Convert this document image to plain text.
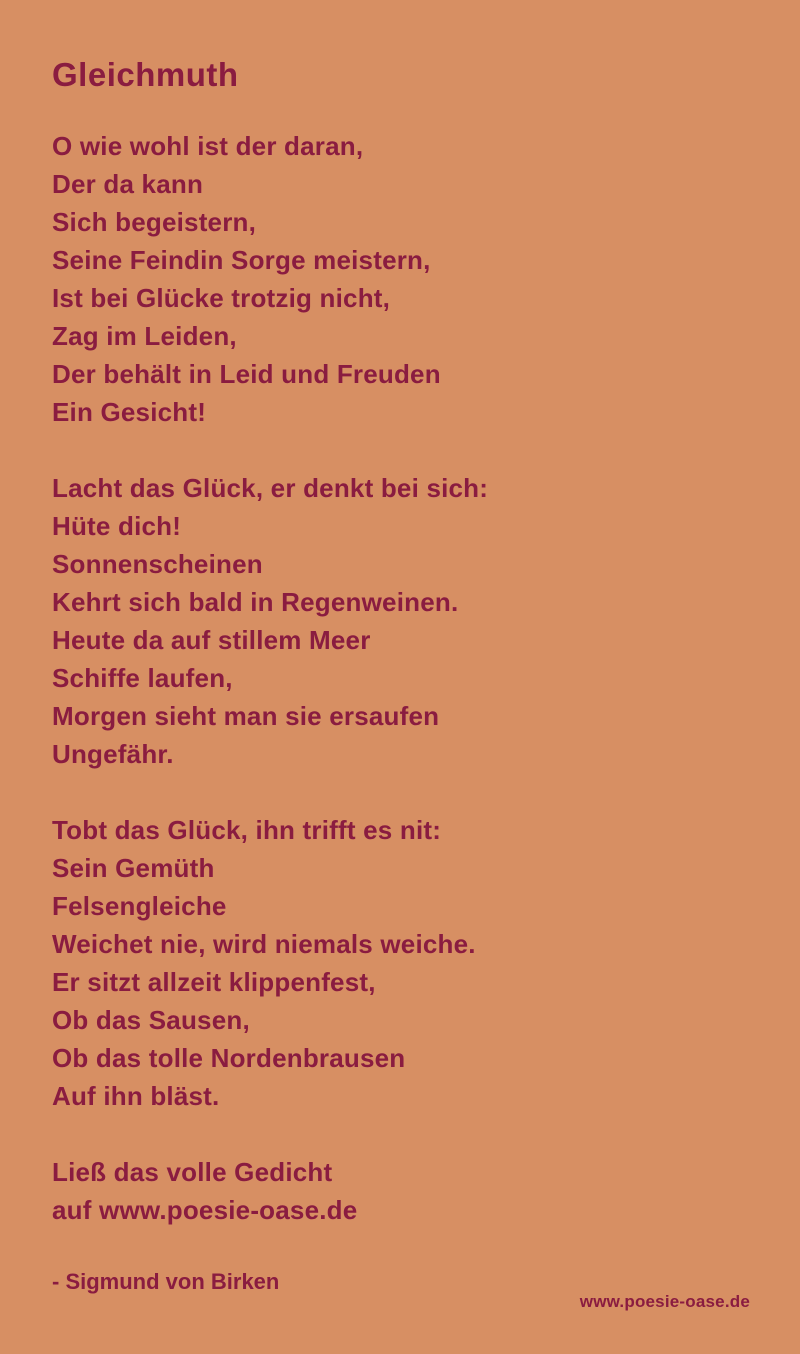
Gleichmuth
O wie wohl ist der daran,
Der da kann
Sich begeistern,
Seine Feindin Sorge meistern,
Ist bei Glücke trotzig nicht,
Zag im Leiden,
Der behält in Leid und Freuden
Ein Gesicht!
Lacht das Glück, er denkt bei sich:
Hüte dich!
Sonnenscheinen
Kehrt sich bald in Regenweinen.
Heute da auf stillem Meer
Schiffe laufen,
Morgen sieht man sie ersaufen
Ungefähr.
Tobt das Glück, ihn trifft es nit:
Sein Gemüth
Felsengleiche
Weichet nie, wird niemals weiche.
Er sitzt allzeit klippenfest,
Ob das Sausen,
Ob das tolle Nordenbrausen
Auf ihn bläst.
Ließ das volle Gedicht
auf www.poesie-oase.de
- Sigmund von Birken
www.poesie-oase.de
